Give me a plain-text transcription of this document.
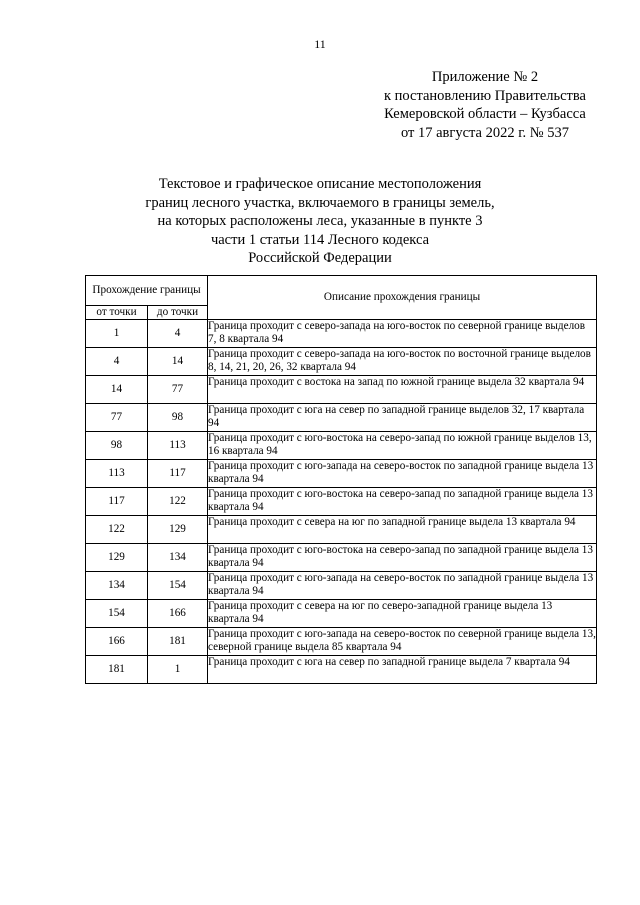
11
Приложение № 2
к постановлению Правительства
Кемеровской области – Кузбасса
от 17 августа 2022 г. № 537
Текстовое и графическое описание местоположения
границ лесного участка, включаемого в границы земель,
на которых расположены леса, указанные в пункте 3
части 1 статьи 114 Лесного кодекса
Российской Федерации
Прохождение границы		Описание прохождения границы
от точки	до точки	
1	4	Граница проходит с северо-запада на юго-восток по северной границе выделов 7, 8 квартала 94
4	14	Граница проходит с северо-запада на юго-восток по восточной границе выделов 8, 14, 21, 20, 26, 32 квартала 94
14	77	Граница проходит с востока на запад по южной границе выдела 32 квартала 94
77	98	Граница проходит с юга на север по западной границе выделов 32, 17 квартала 94
98	113	Граница проходит с юго-востока на северо-запад по южной границе выделов 13, 16 квартала 94
113	117	Граница проходит с юго-запада на северо-восток по западной границе выдела 13 квартала 94
117	122	Граница проходит с юго-востока на северо-запад по западной границе выдела 13 квартала 94
122	129	Граница проходит с севера на юг по западной границе выдела 13 квартала 94
129	134	Граница проходит с юго-востока на северо-запад по западной границе выдела 13 квартала 94
134	154	Граница проходит с юго-запада на северо-восток по западной границе выдела 13 квартала 94
154	166	Граница проходит с севера на юг по северо-западной границе выдела 13 квартала 94
166	181	Граница проходит с юго-запада на северо-восток по северной границе выдела 13, северной границе выдела 85 квартала 94
181	1	Граница проходит с юга на север по западной границе выдела 7 квартала 94
